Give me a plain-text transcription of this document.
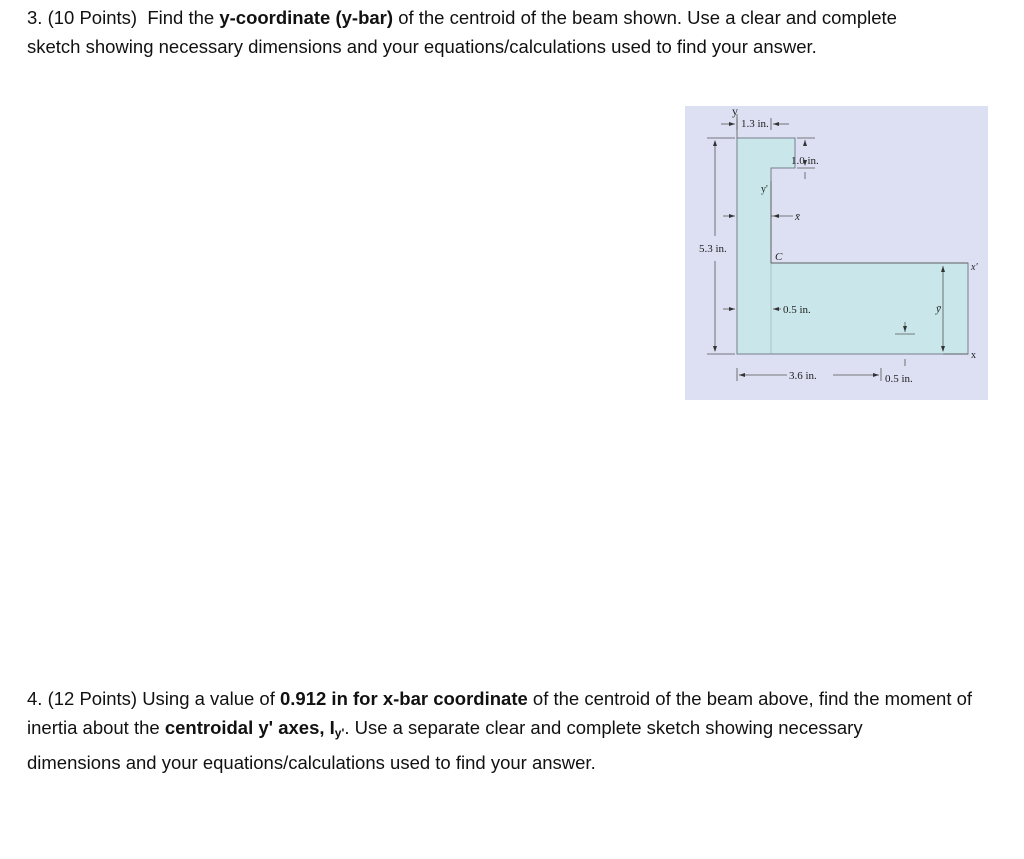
3. (10 Points) Find the y-coordinate (y-bar) of the centroid of the beam shown. Use a clear and complete

sketch showing necessary dimensions and your equations/calculations used to find your answer.

y
1.3 in.
1.0 in.
y'
x̄
5.3 in.
C
0.5 in.
x'
ȳ
x
3.6 in.	0.5 in.

4. (12 Points) Using a value of 0.912 in for x-bar coordinate of the centroid of the beam above, find the moment of

inertia about the centroidal y' axes, $I_{y'}$. Use a separate clear and complete sketch showing necessary

dimensions and your equations/calculations used to find your answer.
